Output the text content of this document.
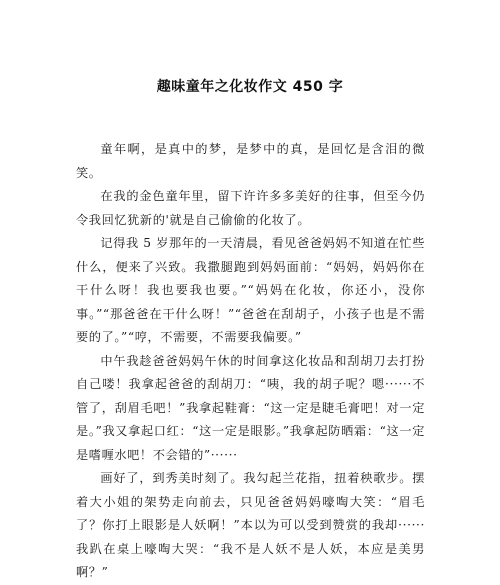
趣味童年之化妆作文 450 字

童年啊，是真中的梦，是梦中的真，是回忆是含泪的微笑。

在我的金色童年里，留下许许多多美好的往事，但至今仍令我回忆犹新的'就是自己偷偷的化妆了。

记得我 5 岁那年的一天清晨，看见爸爸妈妈不知道在忙些什么，便来了兴致。我撒腿跑到妈妈面前：“妈妈，妈妈你在干什么呀！我也要我也要。”“妈妈在化妆，你还小，没你事。”“那爸爸在干什么呀！”“爸爸在刮胡子，小孩子也是不需要的了。”“哼，不需要，不需要我偏要。”

中午我趁爸爸妈妈午休的时间拿这化妆品和刮胡刀去打扮自己喽！我拿起爸爸的刮胡刀：“咦，我的胡子呢？嗯······不管了，刮眉毛吧！”我拿起鞋膏：“这一定是睫毛膏吧！对一定是。”我又拿起口红：“这一定是眼影。”我拿起防晒霜：“这一定是嗜喱水吧！不会错的”······

画好了，到秀美时刻了。我勾起兰花指，扭着秧歌步。摆着大小姐的架势走向前去，只见爸爸妈妈嚎啕大笑：“眉毛了？你打上眼影是人妖啊！”本以为可以受到赞赏的我却······我趴在桌上嚎啕大哭：“我不是人妖不是人妖，本应是美男啊？”
